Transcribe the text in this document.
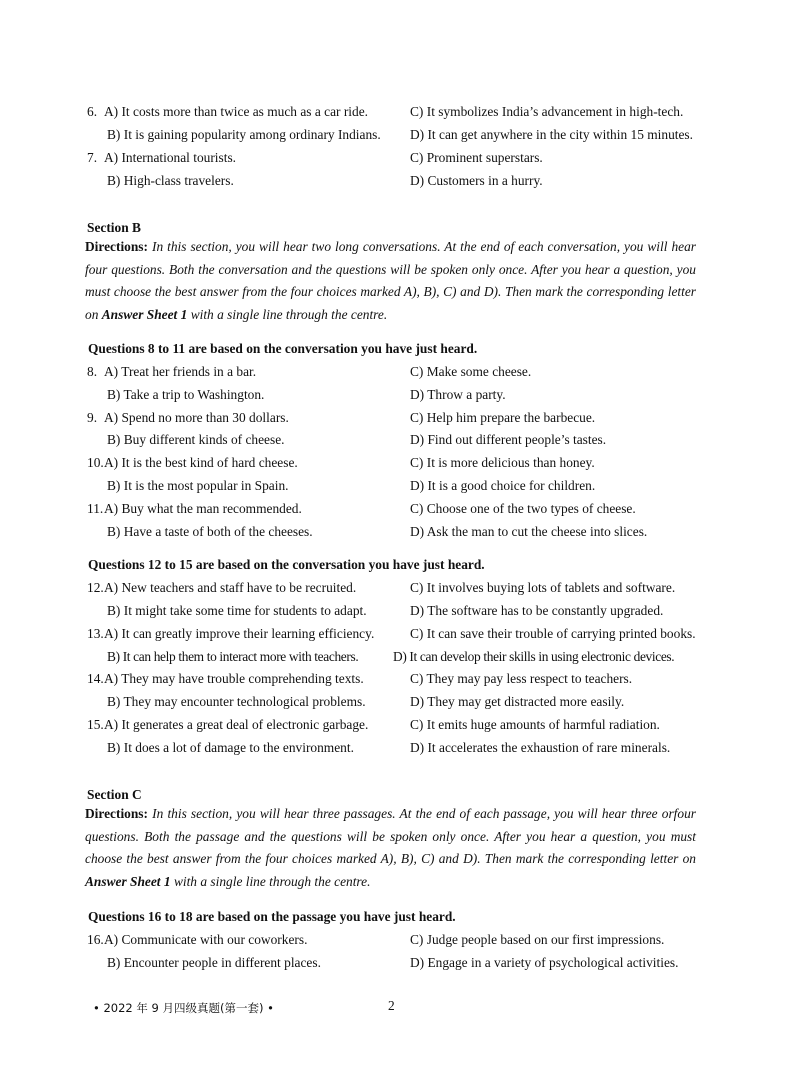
6. A) It costs more than twice as much as a car ride.	C) It symbolizes India’s advancement in high-tech.
B) It is gaining popularity among ordinary Indians. D) It can get anywhere in the city within 15 minutes.
7. A) International tourists.	C) Prominent superstars.
B) High-class travelers.	D) Customers in a hurry.
Section B
Directions: In this section, you will hear two long conversations. At the end of each conversation, you will hear four questions. Both the conversation and the questions will be spoken only once. After you hear a question, you must choose the best answer from the four choices marked A), B), C) and D). Then mark the corresponding letter on Answer Sheet 1 with a single line through the centre.
Questions 8 to 11 are based on the conversation you have just heard.
8. A) Treat her friends in a bar.	C) Make some cheese.
B) Take a trip to Washington.	D) Throw a party.
9. A) Spend no more than 30 dollars.	C) Help him prepare the barbecue.
B) Buy different kinds of cheese.	D) Find out different people’s tastes.
10. A) It is the best kind of hard cheese.	C) It is more delicious than honey.
B) It is the most popular in Spain.	D) It is a good choice for children.
11. A) Buy what the man recommended.	C) Choose one of the two types of cheese.
B) Have a taste of both of the cheeses.	D) Ask the man to cut the cheese into slices.
Questions 12 to 15 are based on the conversation you have just heard.
12. A) New teachers and staff have to be recruited.	C) It involves buying lots of tablets and software.
B) It might take some time for students to adapt.	D) The software has to be constantly upgraded.
13. A) It can greatly improve their learning efficiency.	C) It can save their trouble of carrying printed books.
B) It can help them to interact more with teachers.	D) It can develop their skills in using electronic devices.
14. A) They may have trouble comprehending texts.	C) They may pay less respect to teachers.
B) They may encounter technological problems.	D) They may get distracted more easily.
15. A) It generates a great deal of electronic garbage.	C) It emits huge amounts of harmful radiation.
B) It does a lot of damage to the environment.	D) It accelerates the exhaustion of rare minerals.
Section C
Directions: In this section, you will hear three passages. At the end of each passage, you will hear three orfour questions. Both the passage and the questions will be spoken only once. After you hear a question, you must choose the best answer from the four choices marked A), B), C) and D). Then mark the corresponding letter on Answer Sheet 1 with a single line through the centre.
Questions 16 to 18 are based on the passage you have just heard.
16. A) Communicate with our coworkers.	C) Judge people based on our first impressions.
B) Encounter people in different places.	D) Engage in a variety of psychological activities.
• 2022 年 9 月四级真题(第一套) •	2
